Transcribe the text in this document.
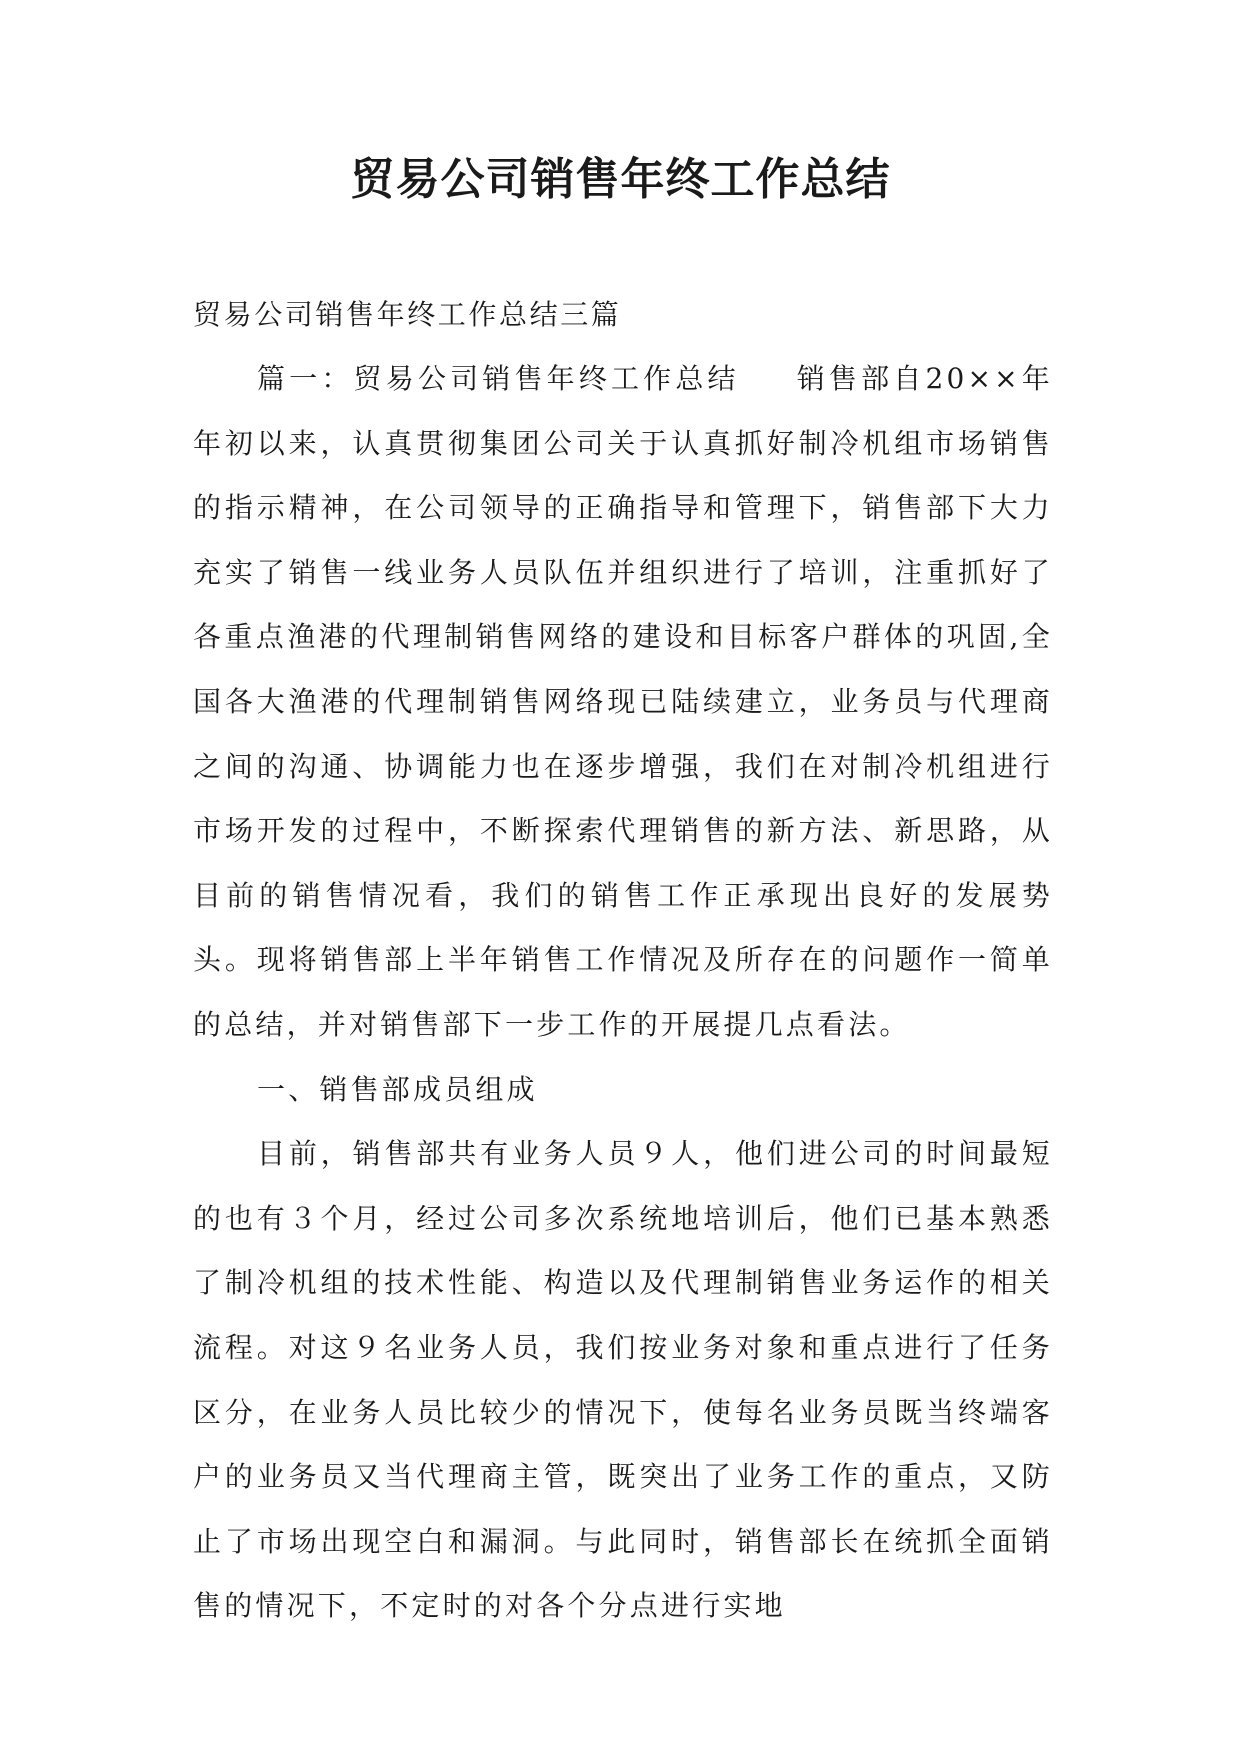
贸易公司销售年终工作总结

贸易公司销售年终工作总结三篇

篇一：贸易公司销售年终工作总结 销售部自20××年年初以来，认真贯彻集团公司关于认真抓好制冷机组市场销售的指示精神，在公司领导的正确指导和管理下，销售部下大力充实了销售一线业务人员队伍并组织进行了培训，注重抓好了各重点渔港的代理制销售网络的建设和目标客户群体的巩固,全国各大渔港的代理制销售网络现已陆续建立，业务员与代理商之间的沟通、协调能力也在逐步增强，我们在对制冷机组进行市场开发的过程中，不断探索代理销售的新方法、新思路，从目前的销售情况看，我们的销售工作正承现出良好的发展势头。现将销售部上半年销售工作情况及所存在的问题作一简单的总结，并对销售部下一步工作的开展提几点看法。

一、销售部成员组成

目前，销售部共有业务人员９人，他们进公司的时间最短的也有３个月，经过公司多次系统地培训后，他们已基本熟悉了制冷机组的技术性能、构造以及代理制销售业务运作的相关流程。对这９名业务人员，我们按业务对象和重点进行了任务区分，在业务人员比较少的情况下，使每名业务员既当终端客户的业务员又当代理商主管，既突出了业务工作的重点，又防止了市场出现空白和漏洞。与此同时，销售部长在统抓全面销售的情况下，不定时的对各个分点进行实地
